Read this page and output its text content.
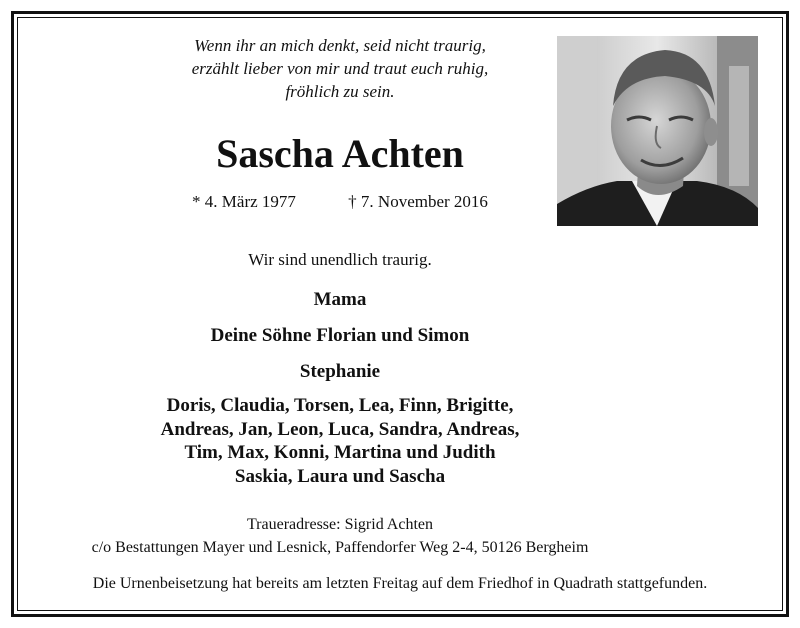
Wenn ihr an mich denkt, seid nicht traurig,
erzählt lieber von mir und traut euch ruhig,
fröhlich zu sein.
Sascha Achten
* 4. März 1977	† 7. November 2016
Wir sind unendlich traurig.
Mama
Deine Söhne Florian und Simon
Stephanie
Doris, Claudia, Torsen, Lea, Finn, Brigitte,
Andreas, Jan, Leon, Luca, Sandra, Andreas,
Tim, Max, Konni, Martina und Judith
Saskia, Laura und Sascha
Traueradresse: Sigrid Achten
c/o Bestattungen Mayer und Lesnick, Paffendorfer Weg 2-4, 50126 Bergheim
Die Urnenbeisetzung hat bereits am letzten Freitag auf dem Friedhof in Quadrath stattgefunden.
